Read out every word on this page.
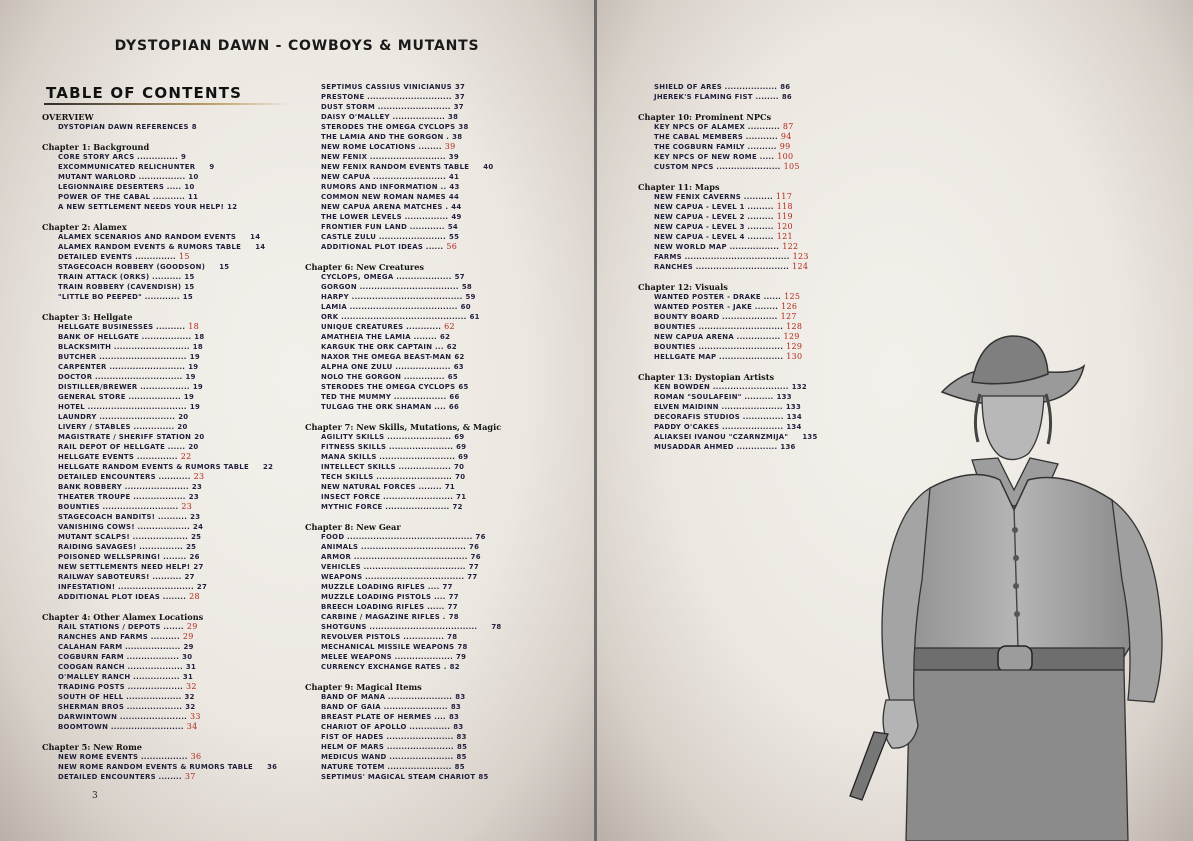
DYSTOPIAN DAWN - COWBOYS & MUTANTS
TABLE OF CONTENTS
OVERVIEW
DYSTOPIAN DAWN REFERENCES 8
Chapter 1: Background
CORE STORY ARCS .............. 9
EXCOMMUNICATED RELICHUNTER 9
MUTANT WARLORD ................ 10
LEGIONNAIRE DESERTERS ..... 10
POWER OF THE CABAL ........... 11
A NEW SETTLEMENT NEEDS YOUR HELP! 12
Chapter 2: Alamex
ALAMEX SCENARIOS AND RANDOM EVENTS 14
ALAMEX RANDOM EVENTS & RUMORS TABLE 14
DETAILED EVENTS .............. 15
STAGECOACH ROBBERY (GOODSON) 15
TRAIN ATTACK (ORKS) .......... 15
TRAIN ROBBERY (CAVENDISH) 15
"LITTLE BO PEEPED" ............ 15
Chapter 3: Hellgate
HELLGATE BUSINESSES .......... 18
BANK OF HELLGATE ................. 18
BLACKSMITH .......................... 18
BUTCHER .............................. 19
CARPENTER .......................... 19
DOCTOR .............................. 19
DISTILLER/BREWER ................. 19
GENERAL STORE .................. 19
HOTEL .................................. 19
LAUNDRY .......................... 20
LIVERY / STABLES .............. 20
MAGISTRATE / SHERIFF STATION 20
RAIL DEPOT OF HELLGATE ...... 20
HELLGATE EVENTS .............. 22
HELLGATE RANDOM EVENTS & RUMORS TABLE 22
DETAILED ENCOUNTERS ........... 23
BANK ROBBERY ...................... 23
THEATER TROUPE .................. 23
BOUNTIES .......................... 23
STAGECOACH BANDITS! .......... 23
VANISHING COWS! .................. 24
MUTANT SCALPS! ................... 25
RAIDING SAVAGES! ............... 25
POISONED WELLSPRING! ........ 26
NEW SETTLEMENTS NEED HELP! 27
RAILWAY SABOTEURS! .......... 27
INFESTATION! .......................... 27
ADDITIONAL PLOT IDEAS ........ 28
Chapter 4: Other Alamex Locations
RAIL STATIONS / DEPOTS ....... 29
RANCHES AND FARMS .......... 29
CALAHAN FARM ................... 29
COGBURN FARM .................. 30
COOGAN RANCH ................... 31
O'MALLEY RANCH ................ 31
TRADING POSTS ................... 32
SOUTH OF HELL ................... 32
SHERMAN BROS ................... 32
DARWINTOWN ....................... 33
BOOMTOWN ......................... 34
Chapter 5: New Rome
NEW ROME EVENTS ................ 36
NEW ROME RANDOM EVENTS & RUMORS TABLE 36
DETAILED ENCOUNTERS ........ 37
SEPTIMUS CASSIUS VINICIANUS 37
PRESTONE ............................. 37
DUST STORM ......................... 37
DAISY O'MALLEY .................. 38
STERODES THE OMEGA CYCLOPS 38
THE LAMIA AND THE GORGON . 38
NEW ROME LOCATIONS ........ 39
NEW FENIX .......................... 39
NEW FENIX RANDOM EVENTS TABLE 40
NEW CAPUA ......................... 41
RUMORS AND INFORMATION .. 43
COMMON NEW ROMAN NAMES 44
NEW CAPUA ARENA MATCHES . 44
THE LOWER LEVELS ............... 49
FRONTIER FUN LAND ............ 54
CASTLE ZULU ....................... 55
ADDITIONAL PLOT IDEAS ...... 56
Chapter 6: New Creatures
CYCLOPS, OMEGA ................... 57
GORGON .................................. 58
HARPY ...................................... 59
LAMIA ..................................... 60
ORK ........................................... 61
UNIQUE CREATURES ............ 62
AMATHEIA THE LAMIA ........ 62
KARGUK THE ORK CAPTAIN ... 62
NAXOR THE OMEGA BEAST-MAN 62
ALPHA ONE ZULU ................... 63
NOLO THE GORGON .............. 65
STERODES THE OMEGA CYCLOPS 65
TED THE MUMMY .................. 66
TULGAG THE ORK SHAMAN .... 66
Chapter 7: New Skills, Mutations, & Magic
AGILITY SKILLS ...................... 69
FITNESS SKILLS ...................... 69
MANA SKILLS .......................... 69
INTELLECT SKILLS .................. 70
TECH SKILLS .......................... 70
NEW NATURAL FORCES ........ 71
INSECT FORCE ........................ 71
MYTHIC FORCE ...................... 72
Chapter 8: New Gear
FOOD ........................................... 76
ANIMALS .................................... 76
ARMOR ....................................... 76
VEHICLES ................................... 77
WEAPONS .................................. 77
MUZZLE LOADING RIFLES .... 77
MUZZLE LOADING PISTOLS .... 77
BREECH LOADING RIFLES ...... 77
CARBINE / MAGAZINE RIFLES . 78
SHOTGUNS ..................................... 78
REVOLVER PISTOLS .............. 78
MECHANICAL MISSILE WEAPONS 78
MELEE WEAPONS .................... 79
CURRENCY EXCHANGE RATES . 82
Chapter 9: Magical Items
BAND OF MANA ...................... 83
BAND OF GAIA ...................... 83
BREAST PLATE OF HERMES .... 83
CHARIOT OF APOLLO .............. 83
FIST OF HADES ....................... 83
HELM OF MARS ....................... 85
MEDICUS WAND ...................... 85
NATURE TOTEM ...................... 85
SEPTIMUS' MAGICAL STEAM CHARIOT 85
3
SHIELD OF ARES .................. 86
JHEREK'S FLAMING FIST ........ 86
Chapter 10: Prominent NPCs
KEY NPCS OF ALAMEX ........... 87
THE CABAL MEMBERS ........... 94
THE COGBURN FAMILY .......... 99
KEY NPCS OF NEW ROME ..... 100
CUSTOM NPCS ...................... 105
Chapter 11: Maps
NEW FENIX CAVERNS .......... 117
NEW CAPUA - LEVEL 1 ......... 118
NEW CAPUA - LEVEL 2 ......... 119
NEW CAPUA - LEVEL 3 ......... 120
NEW CAPUA - LEVEL 4 ......... 121
NEW WORLD MAP ................. 122
FARMS .................................... 123
RANCHES ................................ 124
Chapter 12: Visuals
WANTED POSTER - DRAKE ...... 125
WANTED POSTER - JAKE ........ 126
BOUNTY BOARD ................... 127
BOUNTIES ............................. 128
NEW CAPUA ARENA ............... 129
BOUNTIES ............................. 129
HELLGATE MAP ...................... 130
Chapter 13: Dystopian Artists
KEN BOWDEN .......................... 132
ROMAN "SOULAFEIN" .......... 133
ELVEN MAIDINN ..................... 133
DECORAFIS STUDIOS .............. 134
PADDY O'CAKES ..................... 134
ALIAKSEI IVANOU "CZARNZMIJA" 135
MUSADDAR AHMED .............. 136
